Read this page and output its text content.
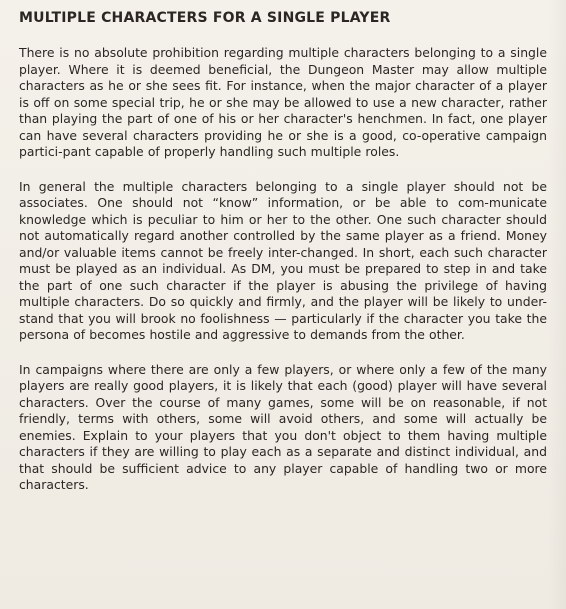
MULTIPLE CHARACTERS FOR A SINGLE PLAYER

There is no absolute prohibition regarding multiple characters belonging to a single player. Where it is deemed beneficial, the Dungeon Master may allow multiple characters as he or she sees fit. For instance, when the major character of a player is off on some special trip, he or she may be allowed to use a new character, rather than playing the part of one of his or her character's henchmen. In fact, one player can have several characters providing he or she is a good, co-operative campaign partici-pant capable of properly handling such multiple roles.

In general the multiple characters belonging to a single player should not be associates. One should not “know” information, or be able to com-municate knowledge which is peculiar to him or her to the other. One such character should not automatically regard another controlled by the same player as a friend. Money and/or valuable items cannot be freely inter-changed. In short, each such character must be played as an individual. As DM, you must be prepared to step in and take the part of one such character if the player is abusing the privilege of having multiple characters. Do so quickly and firmly, and the player will be likely to under-stand that you will brook no foolishness — particularly if the character you take the persona of becomes hostile and aggressive to demands from the other.

In campaigns where there are only a few players, or where only a few of the many players are really good players, it is likely that each (good) player will have several characters. Over the course of many games, some will be on reasonable, if not friendly, terms with others, some will avoid others, and some will actually be enemies. Explain to your players that you don't object to them having multiple characters if they are willing to play each as a separate and distinct individual, and that should be sufficient advice to any player capable of handling two or more characters.
